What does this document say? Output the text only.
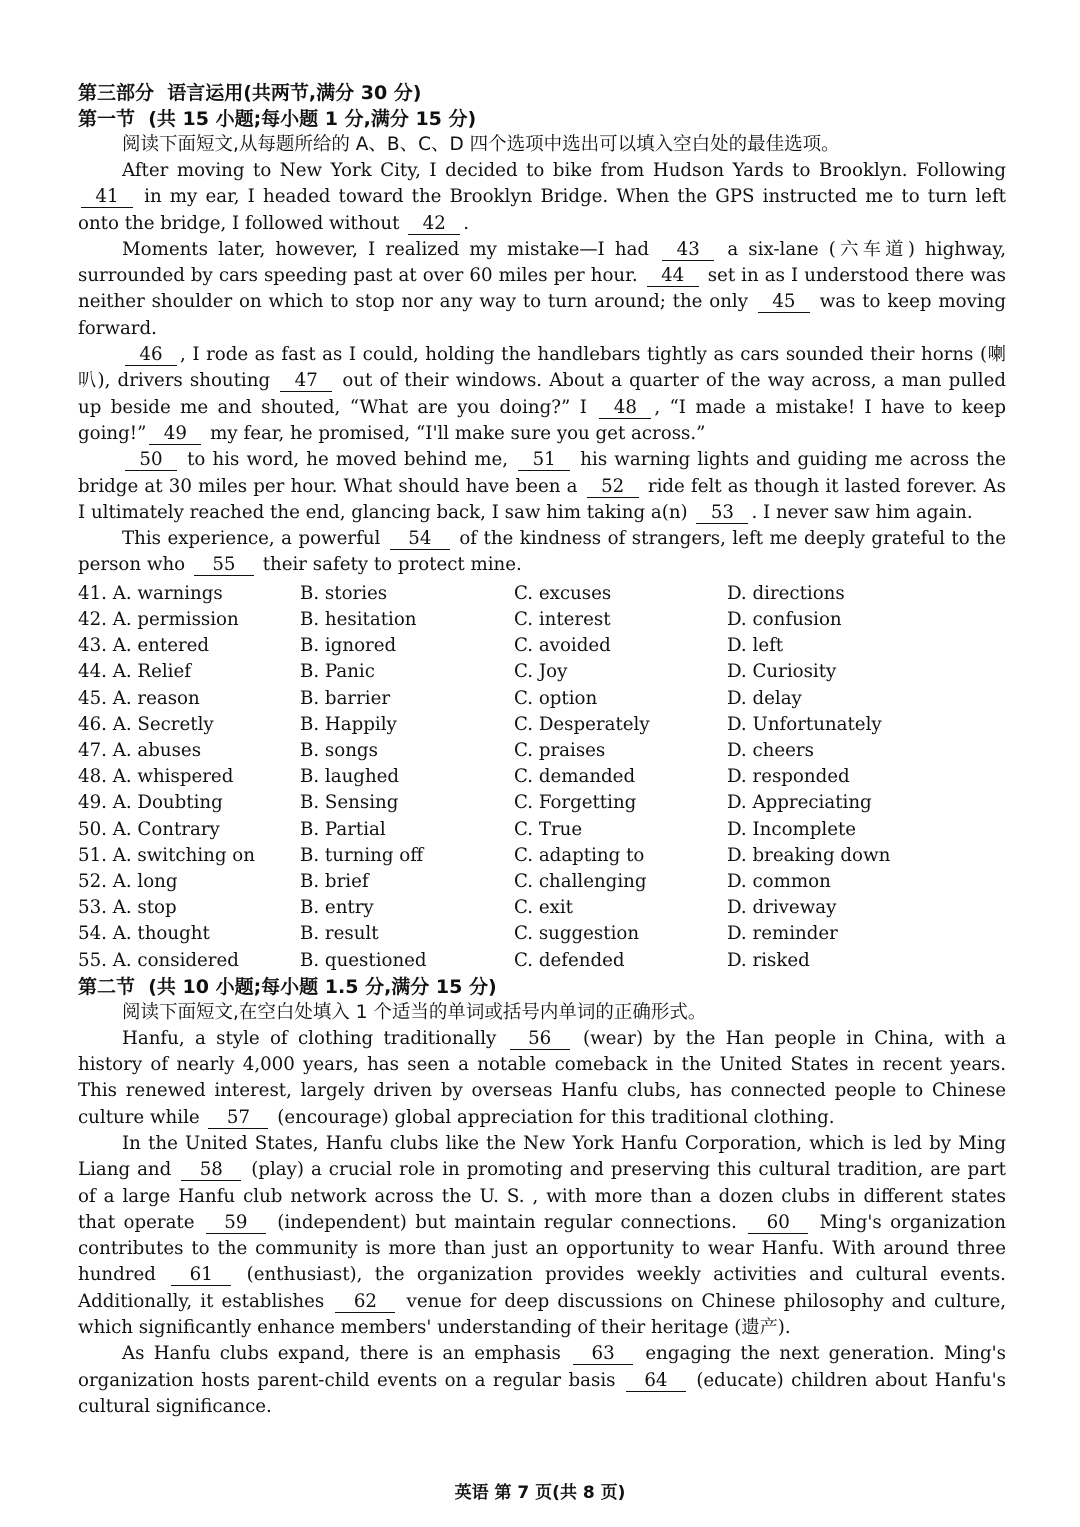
第三部分  语言运用(共两节,满分 30 分)
第一节  (共 15 小题;每小题 1 分,满分 15 分)
阅读下面短文,从每题所给的 A、B、C、D 四个选项中选出可以填入空白处的最佳选项。

After moving to New York City, I decided to bike from Hudson Yards to Brooklyn. Following 41 in my ear, I headed toward the Brooklyn Bridge. When the GPS instructed me to turn left onto the bridge, I followed without 42 .

Moments later, however, I realized my mistake—I had 43 a six-lane (六车道) highway, surrounded by cars speeding past at over 60 miles per hour. 44 set in as I understood there was neither shoulder on which to stop nor any way to turn around; the only 45 was to keep moving forward.

46 , I rode as fast as I could, holding the handlebars tightly as cars sounded their horns (喇叭), drivers shouting 47 out of their windows. About a quarter of the way across, a man pulled up beside me and shouted, “What are you doing?” I 48 , “I made a mistake! I have to keep going!” 49 my fear, he promised, “I'll make sure you get across.”

50 to his word, he moved behind me, 51 his warning lights and guiding me across the bridge at 30 miles per hour. What should have been a 52 ride felt as though it lasted forever. As I ultimately reached the end, glancing back, I saw him taking a(n) 53 . I never saw him again.

This experience, a powerful 54 of the kindness of strangers, left me deeply grateful to the person who 55 their safety to protect mine.

41. A. warnings	B. stories	C. excuses	D. directions
42. A. permission	B. hesitation	C. interest	D. confusion
43. A. entered	B. ignored	C. avoided	D. left
44. A. Relief	B. Panic	C. Joy	D. Curiosity
45. A. reason	B. barrier	C. option	D. delay
46. A. Secretly	B. Happily	C. Desperately	D. Unfortunately
47. A. abuses	B. songs	C. praises	D. cheers
48. A. whispered	B. laughed	C. demanded	D. responded
49. A. Doubting	B. Sensing	C. Forgetting	D. Appreciating
50. A. Contrary	B. Partial	C. True	D. Incomplete
51. A. switching on	B. turning off	C. adapting to	D. breaking down
52. A. long	B. brief	C. challenging	D. common
53. A. stop	B. entry	C. exit	D. driveway
54. A. thought	B. result	C. suggestion	D. reminder
55. A. considered	B. questioned	C. defended	D. risked
第二节  (共 10 小题;每小题 1.5 分,满分 15 分)
阅读下面短文,在空白处填入 1 个适当的单词或括号内单词的正确形式。

Hanfu, a style of clothing traditionally 56 (wear) by the Han people in China, with a history of nearly 4,000 years, has seen a notable comeback in the United States in recent years. This renewed interest, largely driven by overseas Hanfu clubs, has connected people to Chinese culture while 57 (encourage) global appreciation for this traditional clothing.

In the United States, Hanfu clubs like the New York Hanfu Corporation, which is led by Ming Liang and 58 (play) a crucial role in promoting and preserving this cultural tradition, are part of a large Hanfu club network across the U. S. , with more than a dozen clubs in different states that operate 59 (independent) but maintain regular connections. 60 Ming's organization contributes to the community is more than just an opportunity to wear Hanfu. With around three hundred 61 (enthusiast), the organization provides weekly activities and cultural events. Additionally, it establishes 62 venue for deep discussions on Chinese philosophy and culture, which significantly enhance members' understanding of their heritage (遗产).

As Hanfu clubs expand, there is an emphasis 63 engaging the next generation. Ming's organization hosts parent-child events on a regular basis 64 (educate) children about Hanfu's cultural significance.

英语 第 7 页(共 8 页)
